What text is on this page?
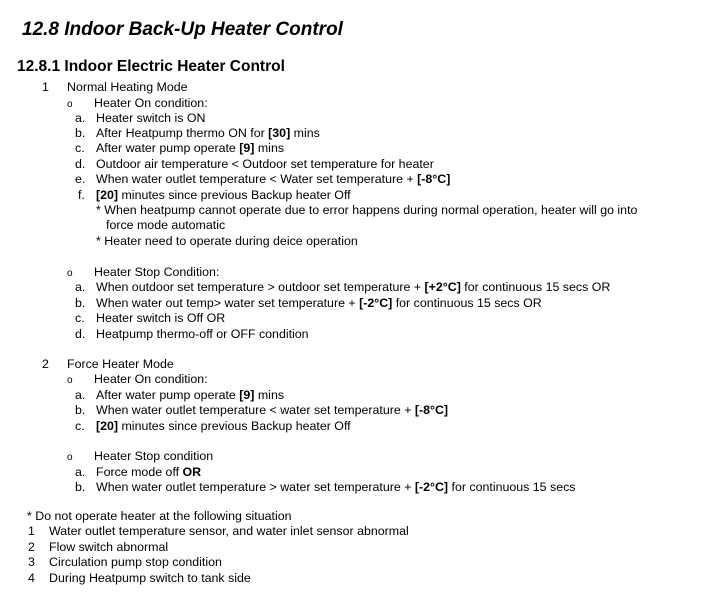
12.8 Indoor Back-Up Heater Control
12.8.1 Indoor Electric Heater Control
1 Normal Heating Mode
o Heater On condition:
a. Heater switch is ON
b. After Heatpump thermo ON for [30] mins
c. After water pump operate [9] mins
d. Outdoor air temperature < Outdoor set temperature for heater
e. When water outlet temperature < Water set temperature + [-8°C]
f. [20] minutes since previous Backup heater Off
* When heatpump cannot operate due to error happens during normal operation, heater will go into
force mode automatic
* Heater need to operate during deice operation
o Heater Stop Condition:
a. When outdoor set temperature > outdoor set temperature + [+2°C] for continuous 15 secs OR
b. When water out temp> water set temperature + [-2°C] for continuous 15 secs OR
c. Heater switch is Off OR
d. Heatpump thermo-off or OFF condition
2 Force Heater Mode
o Heater On condition:
a. After water pump operate [9] mins
b. When water outlet temperature < water set temperature + [-8°C]
c. [20] minutes since previous Backup heater Off
o Heater Stop condition
a. Force mode off OR
b. When water outlet temperature > water set temperature + [-2°C] for continuous 15 secs
* Do not operate heater at the following situation
1 Water outlet temperature sensor, and water inlet sensor abnormal
2 Flow switch abnormal
3 Circulation pump stop condition
4 During Heatpump switch to tank side
